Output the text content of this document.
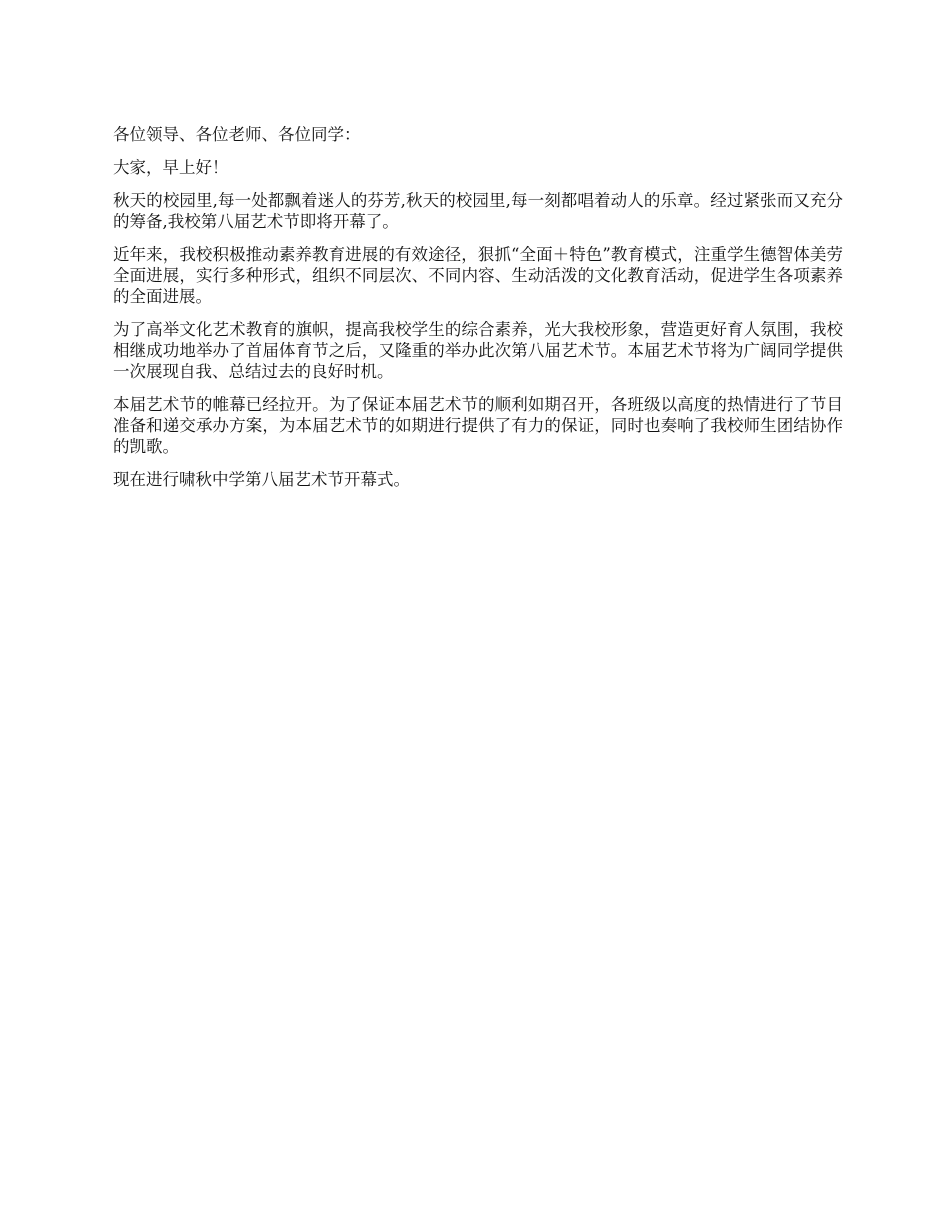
各位领导、各位老师、各位同学：

大家，早上好！

秋天的校园里,每一处都飘着迷人的芬芳,秋天的校园里,每一刻都唱着动人的乐章。经过紧张而又充分的筹备,我校第八届艺术节即将开幕了。

近年来，我校积极推动素养教育进展的有效途径，狠抓“全面＋特色”教育模式，注重学生德智体美劳全面进展，实行多种形式，组织不同层次、不同内容、生动活泼的文化教育活动，促进学生各项素养的全面进展。

为了高举文化艺术教育的旗帜，提高我校学生的综合素养，光大我校形象，营造更好育人氛围，我校相继成功地举办了首届体育节之后，又隆重的举办此次第八届艺术节。本届艺术节将为广阔同学提供一次展现自我、总结过去的良好时机。

本届艺术节的帷幕已经拉开。为了保证本届艺术节的顺利如期召开，各班级以高度的热情进行了节目准备和递交承办方案，为本届艺术节的如期进行提供了有力的保证，同时也奏响了我校师生团结协作的凯歌。

现在进行啸秋中学第八届艺术节开幕式。
